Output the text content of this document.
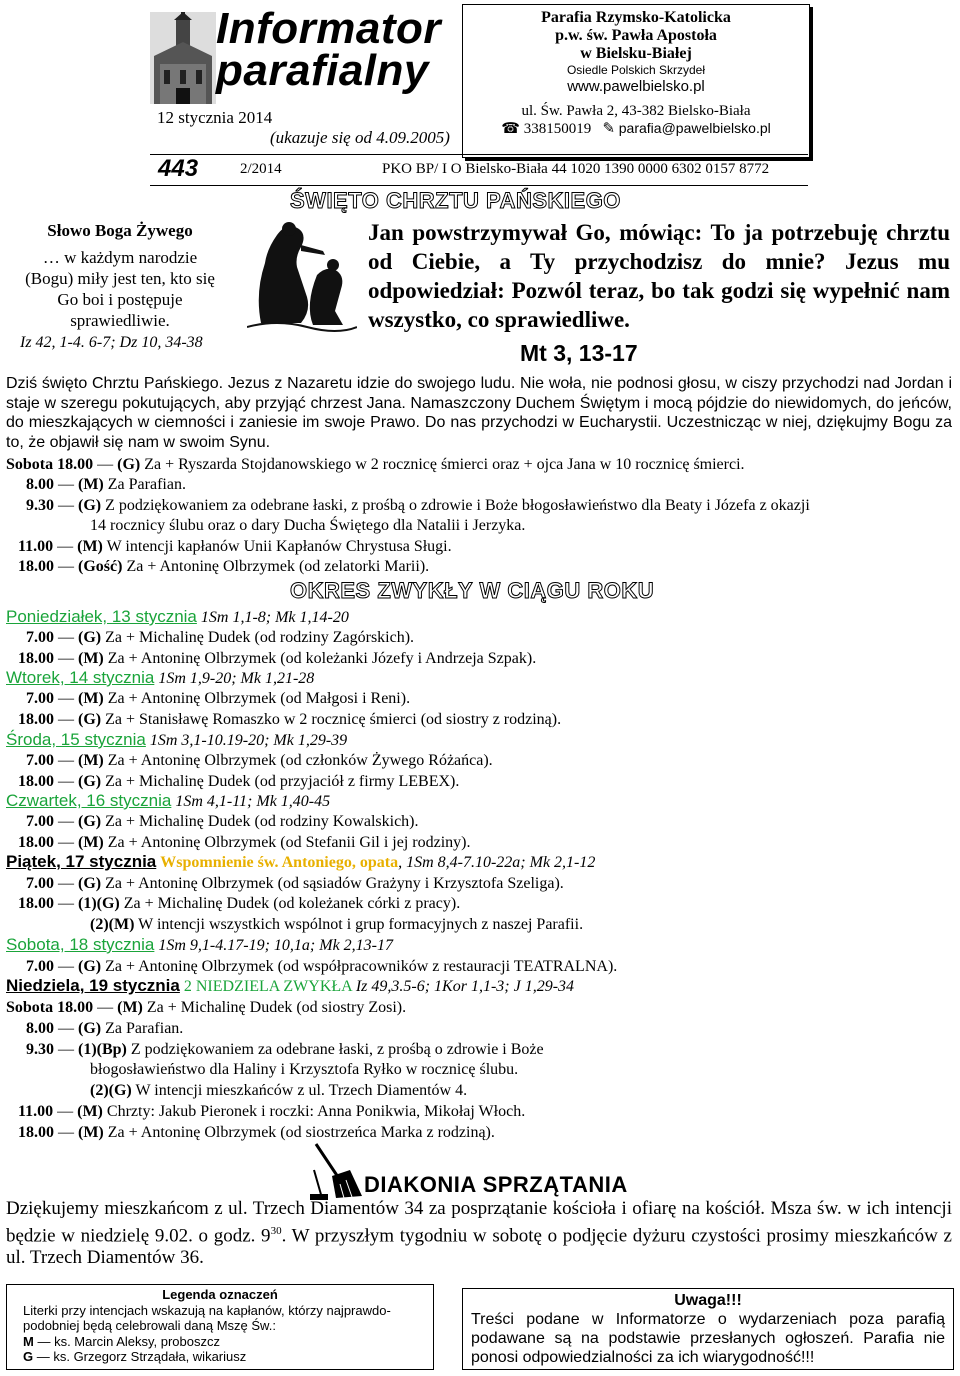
Informator
parafialny
12 stycznia 2014
(ukazuje się od 4.09.2005)
Parafia Rzymsko-Katolicka
p.w. św. Pawła Apostoła
w Bielsku-Białej
Osiedle Polskich Skrzydeł
www.pawelbielsko.pl
ul. Św. Pawła 2, 43-382 Bielsko-Biała
☎ 338150019 ✎ parafia@pawelbielsko.pl
443	2/2014	PKO BP/ I O Bielsko-Biała 44 1020 1390 0000 6302 0157 8772
Słowo Boga Żywego
… w każdym narodzie
(Bogu) miły jest ten, kto się
Go boi i postępuje
sprawiedliwie.
Iz 42, 1-4. 6-7; Dz 10, 34-38
ŚWIĘTO CHRZTU PAŃSKIEGO
Jan powstrzymywał Go, mówiąc: To ja potrzebuję chrztu od Ciebie, a Ty przychodzisz do mnie? Jezus mu odpowiedział: Pozwól teraz, bo tak godzi się wypełnić nam wszystko, co sprawiedliwe.
Mt 3, 13-17
Dziś święto Chrztu Pańskiego. Jezus z Nazaretu idzie do swojego ludu. Nie woła, nie podnosi głosu, w ciszy przychodzi nad Jordan i staje w szeregu pokutujących, aby przyjąć chrzest Jana. Namaszczony Duchem Świętym i mocą pójdzie do niewidomych, do jeńców, do mieszkających w ciemności i zaniesie im swoje Prawo. Do nas przychodzi w Eucharystii. Uczestnicząc w niej, dziękujmy Bogu za to, że objawił się nam w swoim Synu.
Sobota 18.00 — (G) Za + Ryszarda Stojdanowskiego w 2 rocznicę śmierci oraz + ojca Jana w 10 rocznicę śmierci.
8.00 — (M) Za Parafian.
9.30 — (G) Z podziękowaniem za odebrane łaski, z prośbą o zdrowie i Boże błogosławieństwo dla Beaty i Józefa z okazji
14 rocznicy ślubu oraz o dary Ducha Świętego dla Natalii i Jerzyka.
11.00 — (M) W intencji kapłanów Unii Kapłanów Chrystusa Sługi.
18.00 — (Gość) Za + Antoninę Olbrzymek (od zelatorki Marii).
OKRES ZWYKŁY W CIĄGU ROKU
Poniedziałek, 13 stycznia 1Sm 1,1-8; Mk 1,14-20
7.00 — (G) Za + Michalinę Dudek (od rodziny Zagórskich).
18.00 — (M) Za + Antoninę Olbrzymek (od koleżanki Józefy i Andrzeja Szpak).
Wtorek, 14 stycznia 1Sm 1,9-20; Mk 1,21-28
7.00 — (M) Za + Antoninę Olbrzymek (od Małgosi i Reni).
18.00 — (G) Za + Stanisławę Romaszko w 2 rocznicę śmierci (od siostry z rodziną).
Środa, 15 stycznia 1Sm 3,1-10.19-20; Mk 1,29-39
7.00 — (M) Za + Antoninę Olbrzymek (od członków Żywego Różańca).
18.00 — (G) Za + Michalinę Dudek (od przyjaciół z firmy LEBEX).
Czwartek, 16 stycznia 1Sm 4,1-11; Mk 1,40-45
7.00 — (G) Za + Michalinę Dudek (od rodziny Kowalskich).
18.00 — (M) Za + Antoninę Olbrzymek (od Stefanii Gil i jej rodziny).
Piątek, 17 stycznia Wspomnienie św. Antoniego, opata, 1Sm 8,4-7.10-22a; Mk 2,1-12
7.00 — (G) Za + Antoninę Olbrzymek (od sąsiadów Grażyny i Krzysztofa Szeliga).
18.00 — (1)(G) Za + Michalinę Dudek (od koleżanek córki z pracy).
(2)(M) W intencji wszystkich wspólnot i grup formacyjnych z naszej Parafii.
Sobota, 18 stycznia 1Sm 9,1-4.17-19; 10,1a; Mk 2,13-17
7.00 — (G) Za + Antoninę Olbrzymek (od współpracowników z restauracji TEATRALNA).
Niedziela, 19 stycznia 2 NIEDZIELA ZWYKŁA Iz 49,3.5-6; 1Kor 1,1-3; J 1,29-34
Sobota 18.00 — (M) Za + Michalinę Dudek (od siostry Zosi).
8.00 — (G) Za Parafian.
9.30 — (1)(Bp) Z podziękowaniem za odebrane łaski, z prośbą o zdrowie i Boże
błogosławieństwo dla Haliny i Krzysztofa Ryłko w rocznicę ślubu.
(2)(G) W intencji mieszkańców z ul. Trzech Diamentów 4.
11.00 — (M) Chrzty: Jakub Pieronek i roczki: Anna Ponikwia, Mikołaj Włoch.
18.00 — (M) Za + Antoninę Olbrzymek (od siostrzeńca Marka z rodziną).
DIAKONIA SPRZĄTANIA
Dziękujemy mieszkańcom z ul. Trzech Diamentów 34 za posprzątanie kościoła i ofiarę na kościół. Msza św. w ich intencji będzie w niedzielę 9.02. o godz. $9^{30}$. W przyszłym tygodniu w sobotę o podjęcie dyżuru czystości prosimy mieszkańców z ul. Trzech Diamentów 36.
Legenda oznaczeń
Literki przy intencjach wskazują na kapłanów, którzy najprawdo-podobniej będą celebrowali daną Mszę Św.:
M — ks. Marcin Aleksy, proboszcz
G — ks. Grzegorz Strządała, wikariusz
Uwaga!!!
Treści podane w Informatorze o wydarzeniach poza parafią podawane są na podstawie przesłanych ogłoszeń. Parafia nie ponosi odpowiedzialności za ich wiarygodność!!!
